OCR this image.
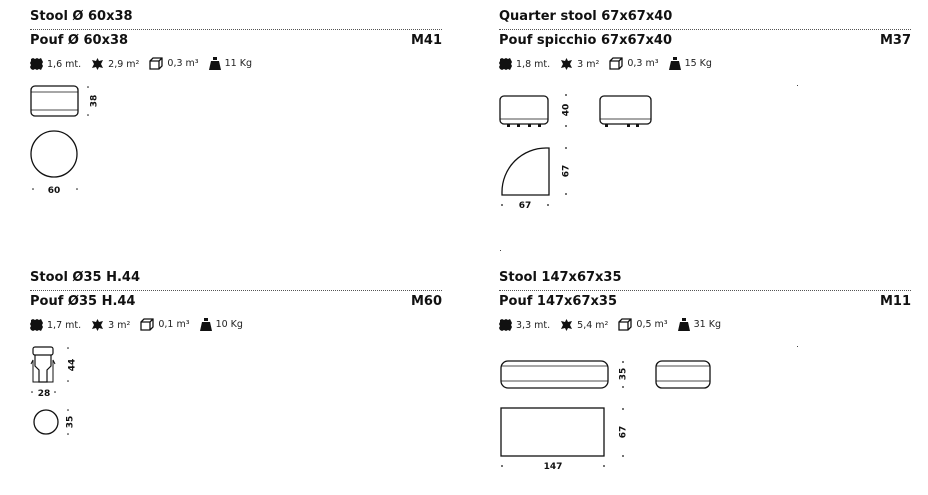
Stool Ø 60x38
Pouf Ø 60x38	M41
1,6 mt.
	2,9 m²
	0,3 m³
	11 Kg
38
60
Quarter stool 67x67x40
Pouf spicchio 67x67x40	M37
1,8 mt.
	3 m²
	0,3 m³
	15 Kg
40
67
67
Stool Ø35 H.44
Pouf Ø35 H.44	M60
1,7 mt.
	3 m²
	0,1 m³
	10 Kg
44
28
35
Stool 147x67x35
Pouf 147x67x35	M11
3,3 mt.
	5,4 m²
	0,5 m³
	31 Kg
35
67
147
